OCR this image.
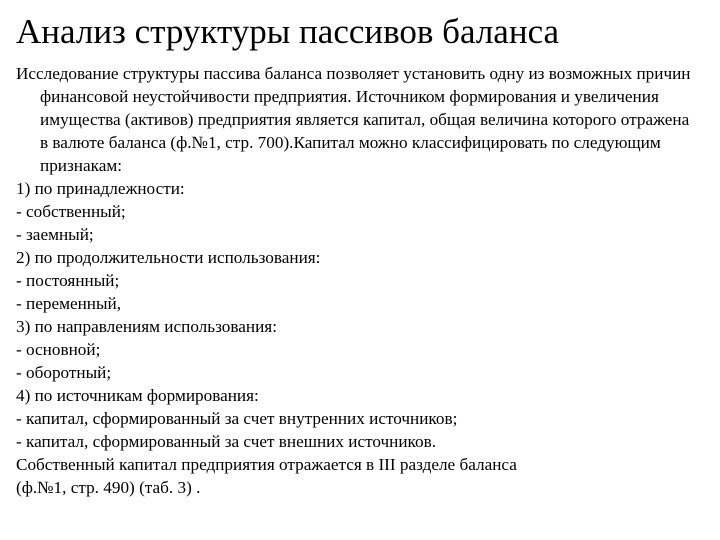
Анализ структуры пассивов баланса

Исследование структуры пассива баланса позволяет установить одну из возможных причин финансовой неустойчивости предприятия. Источником формирования и увеличения имущества (активов) предприятия является капитал, общая величина которого отражена в валюте баланса (ф.№1, стр. 700).Капитал можно классифицировать по следующим признакам:

1) по принадлежности:

- собственный;

- заемный;

2) по продолжительности использования:

- постоянный;

- переменный,

3) по направлениям использования:

- основной;

- оборотный;

4) по источникам формирования:

- капитал, сформированный за счет внутренних источников;

- капитал, сформированный за счет внешних источников.

Собственный капитал предприятия отражается в III разделе баланса

(ф.№1, стр. 490) (таб. 3) .
